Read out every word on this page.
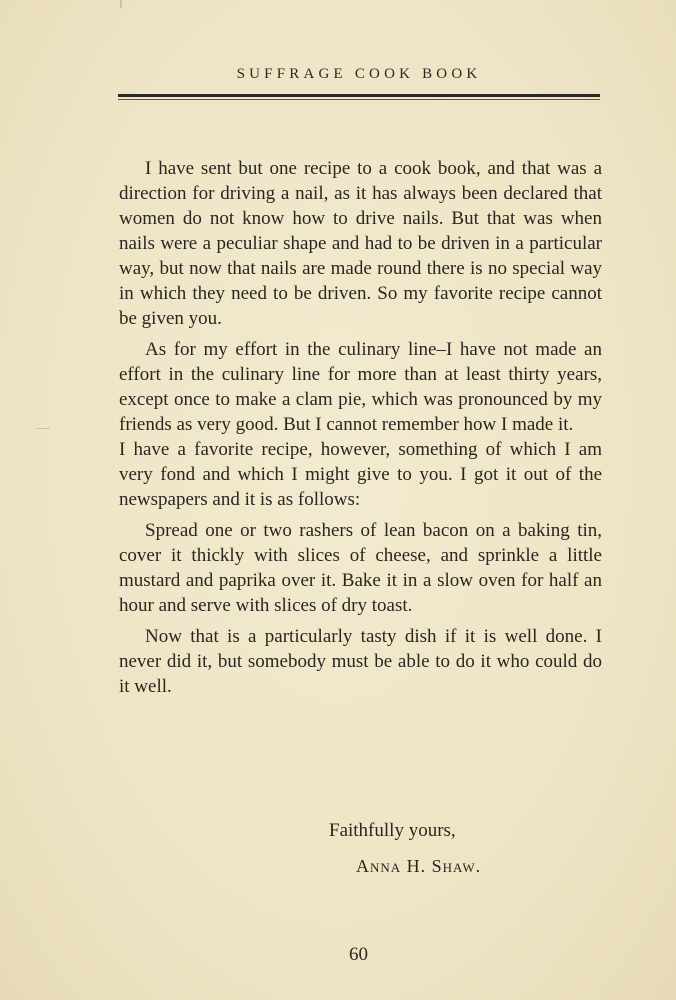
SUFFRAGE COOK BOOK

I have sent but one recipe to a cook book, and that was a direction for driving a nail, as it has always been declared that women do not know how to drive nails. But that was when nails were a peculiar shape and had to be driven in a particular way, but now that nails are made round there is no special way in which they need to be driven. So my favorite recipe cannot be given you.

As for my effort in the culinary line–I have not made an effort in the culinary line for more than at least thirty years, except once to make a clam pie, which was pronounced by my friends as very good. But I cannot remember how I made it.

I have a favorite recipe, however, something of which I am very fond and which I might give to you. I got it out of the newspapers and it is as follows:

Spread one or two rashers of lean bacon on a baking tin, cover it thickly with slices of cheese, and sprinkle a little mustard and paprika over it. Bake it in a slow oven for half an hour and serve with slices of dry toast.

Now that is a particularly tasty dish if it is well done. I never did it, but somebody must be able to do it who could do it well.

Faithfully yours,
Anna H. Shaw.
60
